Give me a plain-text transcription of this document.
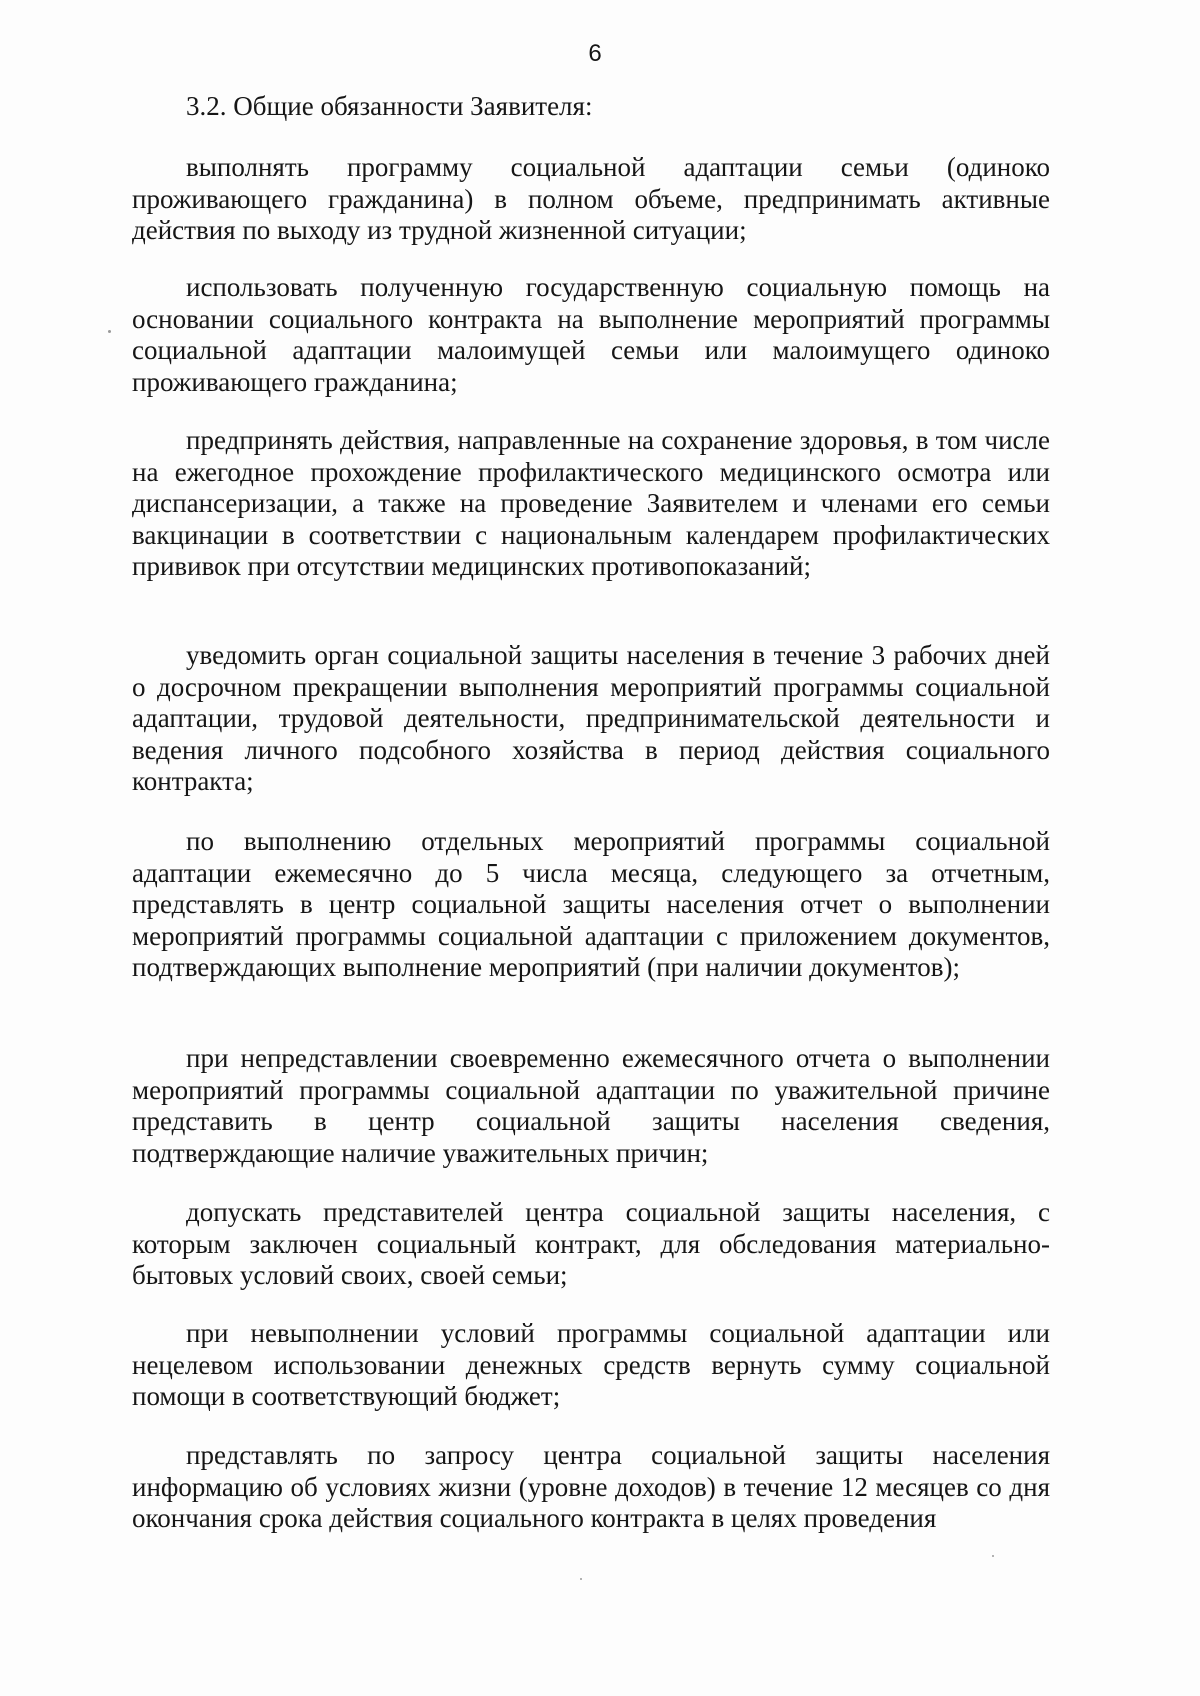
6
3.2. Общие обязанности Заявителя:

выполнять программу социальной адаптации семьи (одиноко проживающего гражданина) в полном объеме, предпринимать активные действия по выходу из трудной жизненной ситуации;

использовать полученную государственную социальную помощь на основании социального контракта на выполнение мероприятий программы социальной адаптации малоимущей семьи или малоимущего одиноко проживающего гражданина;

предпринять действия, направленные на сохранение здоровья, в том числе на ежегодное прохождение профилактического медицинского осмотра или диспансеризации, а также на проведение Заявителем и членами его семьи вакцинации в соответствии с национальным календарем профилактических прививок при отсутствии медицинских противопоказаний;

уведомить орган социальной защиты населения в течение 3 рабочих дней о досрочном прекращении выполнения мероприятий программы социальной адаптации, трудовой деятельности, предпринимательской деятельности и ведения личного подсобного хозяйства в период действия социального контракта;

по выполнению отдельных мероприятий программы социальной адаптации ежемесячно до 5 числа месяца, следующего за отчетным, представлять в центр социальной защиты населения отчет о выполнении мероприятий программы социальной адаптации с приложением документов, подтверждающих выполнение мероприятий (при наличии документов);

при непредставлении своевременно ежемесячного отчета о выполнении мероприятий программы социальной адаптации по уважительной причине представить в центр социальной защиты населения сведения, подтверждающие наличие уважительных причин;

допускать представителей центра социальной защиты населения, с которым заключен социальный контракт, для обследования материально-бытовых условий своих, своей семьи;

при невыполнении условий программы социальной адаптации или нецелевом использовании денежных средств вернуть сумму социальной помощи в соответствующий бюджет;

представлять по запросу центра социальной защиты населения информацию об условиях жизни (уровне доходов) в течение 12 месяцев со дня окончания срока действия социального контракта в целях проведения
